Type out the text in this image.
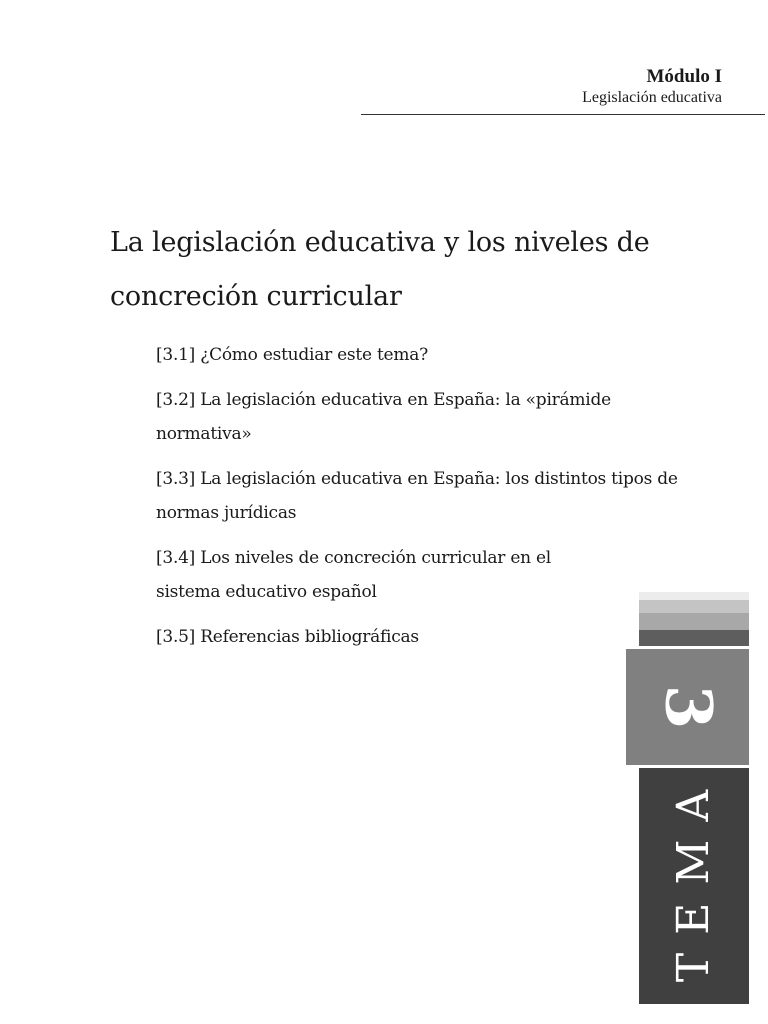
Módulo I
Legislación educativa
La legislación educativa y los niveles de
concreción curricular
[3.1] ¿Cómo estudiar este tema?
[3.2] La legislación educativa en España: la «pirámide normativa»
[3.3] La legislación educativa en España: los distintos tipos de normas jurídicas
[3.4] Los niveles de concreción curricular en el sistema educativo español
[3.5] Referencias bibliográficas
3
TEMA
